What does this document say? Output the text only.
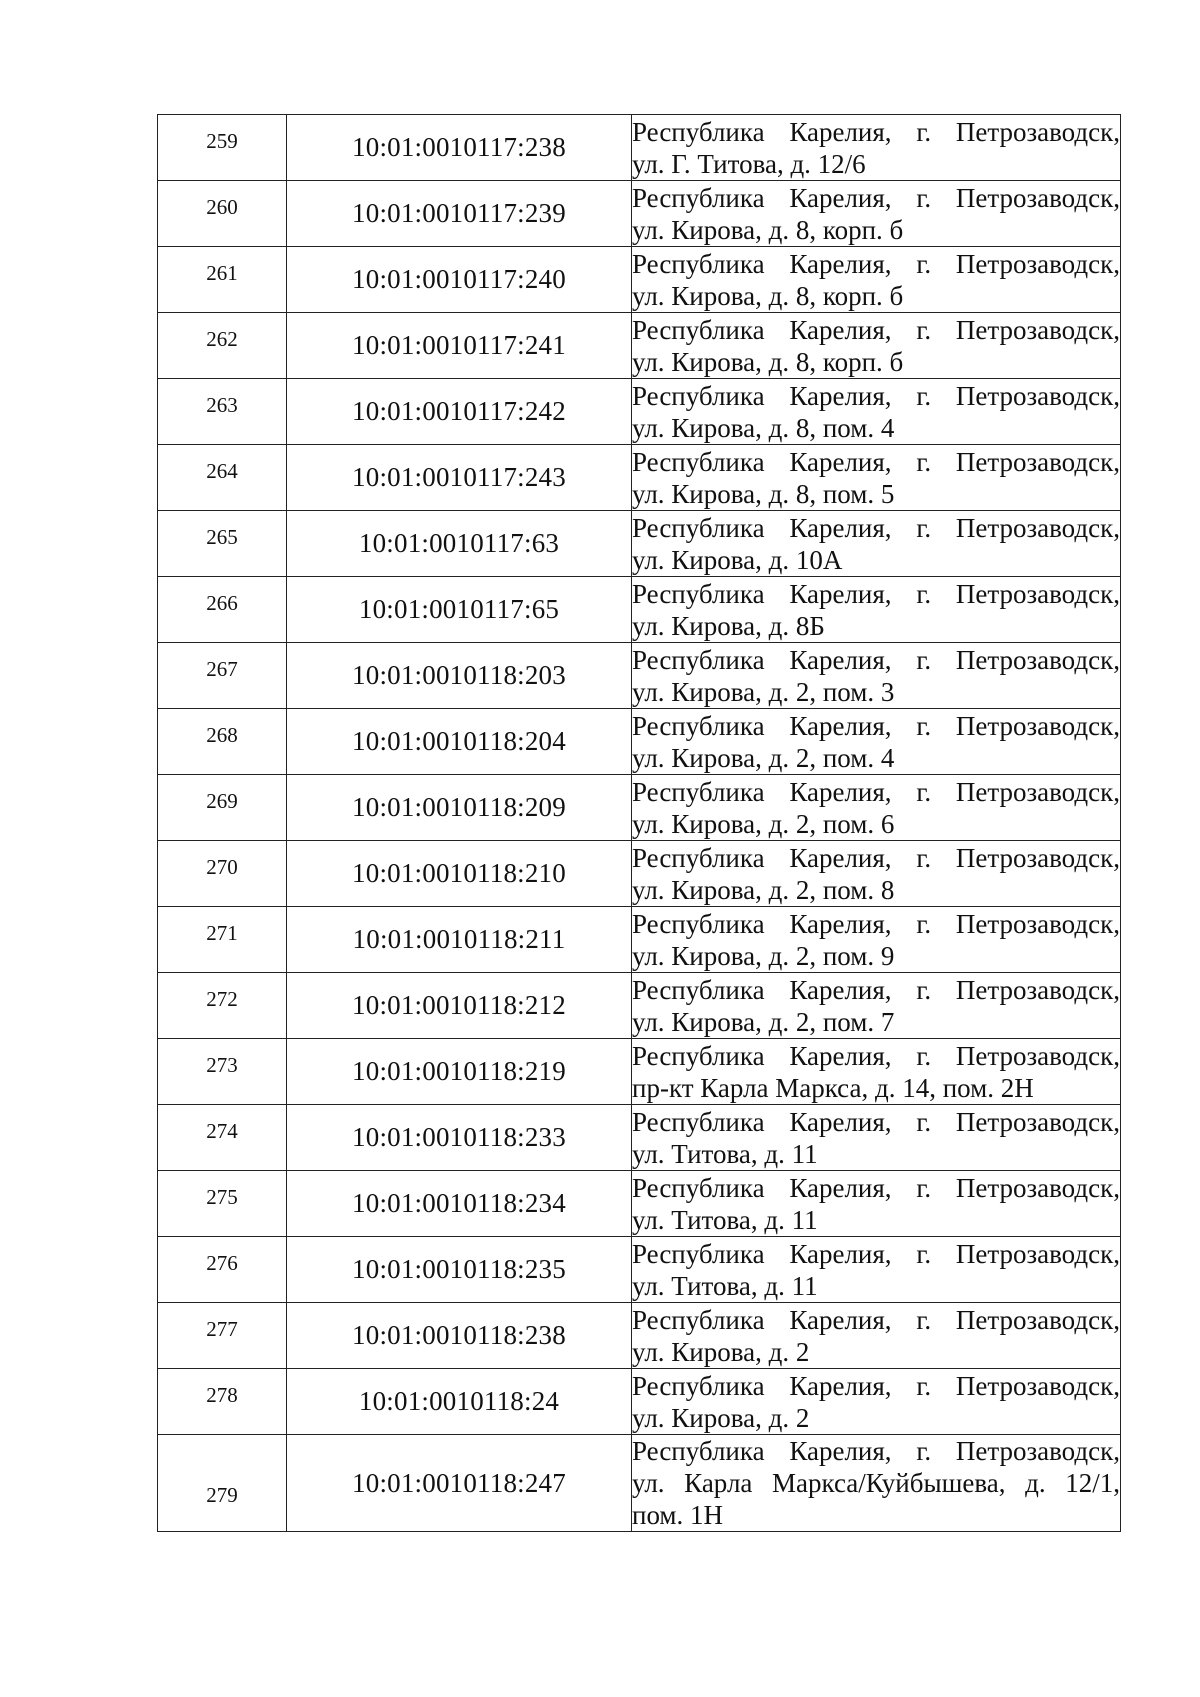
259	10:01:0010117:238	Республика Карелия, г. Петрозаводск,
ул. Г. Титова, д. 12/6

260	10:01:0010117:239	Республика Карелия, г. Петрозаводск,
ул. Кирова, д. 8, корп. б

261	10:01:0010117:240	Республика Карелия, г. Петрозаводск,
ул. Кирова, д. 8, корп. б

262	10:01:0010117:241	Республика Карелия, г. Петрозаводск,
ул. Кирова, д. 8, корп. б

263	10:01:0010117:242	Республика Карелия, г. Петрозаводск,
ул. Кирова, д. 8, пом. 4

264	10:01:0010117:243	Республика Карелия, г. Петрозаводск,
ул. Кирова, д. 8, пом. 5

265	10:01:0010117:63	Республика Карелия, г. Петрозаводск,
ул. Кирова, д. 10А

266	10:01:0010117:65	Республика Карелия, г. Петрозаводск,
ул. Кирова, д. 8Б

267	10:01:0010118:203	Республика Карелия, г. Петрозаводск,
ул. Кирова, д. 2, пом. 3

268	10:01:0010118:204	Республика Карелия, г. Петрозаводск,
ул. Кирова, д. 2, пом. 4

269	10:01:0010118:209	Республика Карелия, г. Петрозаводск,
ул. Кирова, д. 2, пом. 6

270	10:01:0010118:210	Республика Карелия, г. Петрозаводск,
ул. Кирова, д. 2, пом. 8

271	10:01:0010118:211	Республика Карелия, г. Петрозаводск,
ул. Кирова, д. 2, пом. 9

272	10:01:0010118:212	Республика Карелия, г. Петрозаводск,
ул. Кирова, д. 2, пом. 7

273	10:01:0010118:219	Республика Карелия, г. Петрозаводск,
пр-кт Карла Маркса, д. 14, пом. 2Н

274	10:01:0010118:233	Республика Карелия, г. Петрозаводск,
ул. Титова, д. 11

275	10:01:0010118:234	Республика Карелия, г. Петрозаводск,
ул. Титова, д. 11

276	10:01:0010118:235	Республика Карелия, г. Петрозаводск,
ул. Титова, д. 11

277	10:01:0010118:238	Республика Карелия, г. Петрозаводск,
ул. Кирова, д. 2

278	10:01:0010118:24	Республика Карелия, г. Петрозаводск,
ул. Кирова, д. 2

279	10:01:0010118:247	Республика Карелия, г. Петрозаводск,
ул. Карла Маркса/Куйбышева, д. 12/1, пом. 1Н
